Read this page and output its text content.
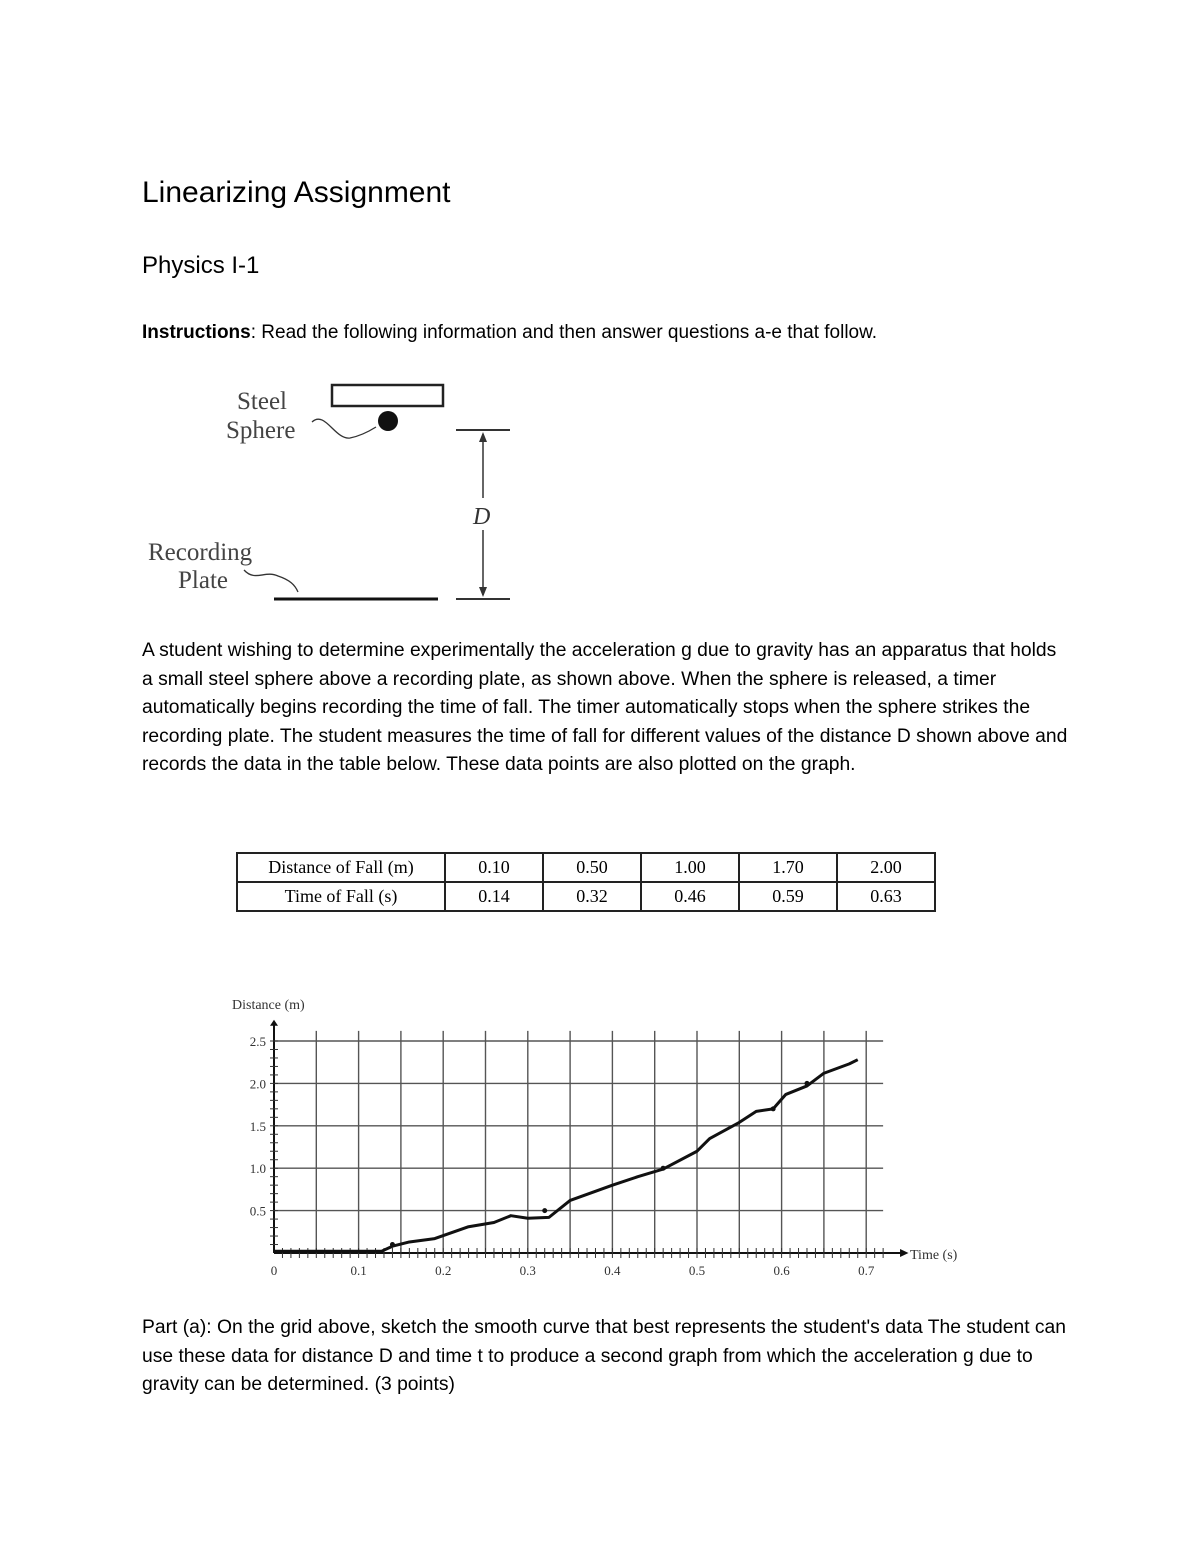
Linearizing Assignment
Physics I-1
Instructions: Read the following information and then answer questions a-e that follow.
D
Steel
Sphere
Recording
Plate
A student wishing to determine experimentally the acceleration g due to gravity has an apparatus that holds a small steel sphere above a recording plate, as shown above. When the sphere is released, a timer automatically begins recording the time of fall. The timer automatically stops when the sphere strikes the recording plate. The student measures the time of fall for different values of the distance D shown above and records the data in the table below. These data points are also plotted on the graph.
Distance of Fall (m)	0.10	0.50	1.00	1.70	2.00
Time of Fall (s)	0.14	0.32	0.46	0.59	0.63
Distance (m)
Time (s)
0	0.1	0.2	0.3	0.4	0.5	0.6	0.7
0.5
1.0
1.5
2.0
2.5
Part (a): On the grid above, sketch the smooth curve that best represents the student's data The student can use these data for distance D and time t to produce a second graph from which the acceleration g due to gravity can be determined. (3 points)
